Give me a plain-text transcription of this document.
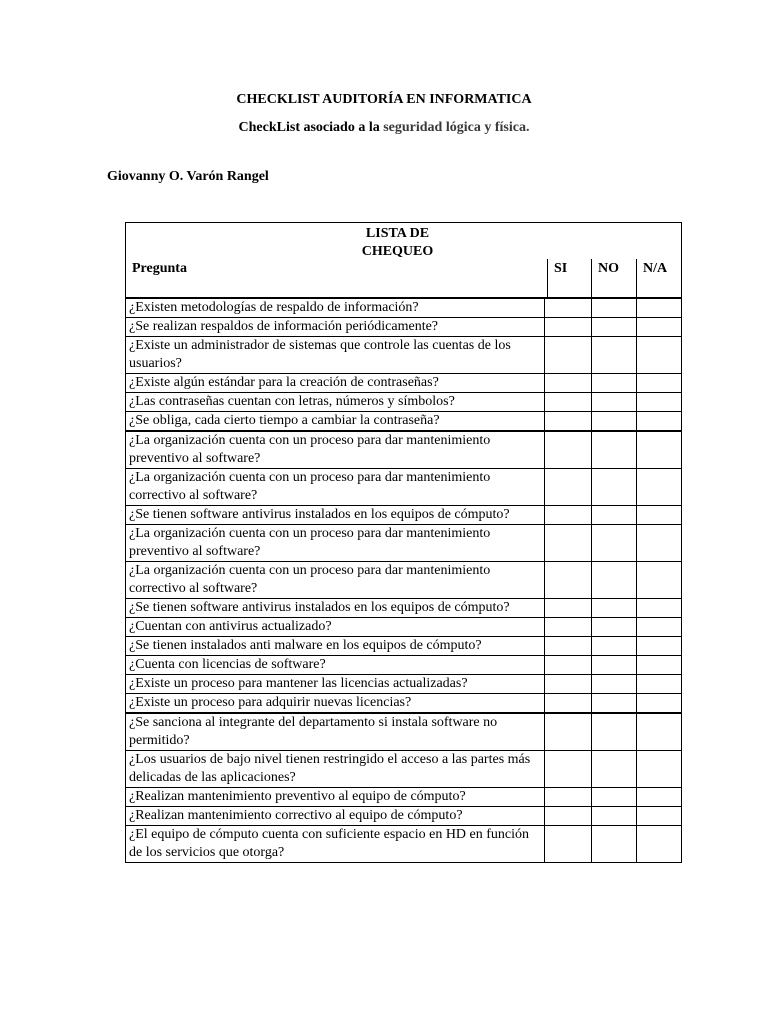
CHECKLIST AUDITORÍA EN INFORMATICA

CheckList asociado a la seguridad lógica y física.

Giovanny O. Varón Rangel

LISTA DE
CHEQUEO
Pregunta	SI	NO	N/A
¿Existen metodologías de respaldo de información?
¿Se realizan respaldos de información periódicamente?
¿Existe un administrador de sistemas que controle las cuentas de los usuarios?
¿Existe algún estándar para la creación de contraseñas?
¿Las contraseñas cuentan con letras, números y símbolos?
¿Se obliga, cada cierto tiempo a cambiar la contraseña?
¿La organización cuenta con un proceso para dar mantenimiento preventivo al software?
¿La organización cuenta con un proceso para dar mantenimiento correctivo al software?
¿Se tienen software antivirus instalados en los equipos de cómputo?
¿La organización cuenta con un proceso para dar mantenimiento preventivo al software?
¿La organización cuenta con un proceso para dar mantenimiento correctivo al software?
¿Se tienen software antivirus instalados en los equipos de cómputo?
¿Cuentan con antivirus actualizado?
¿Se tienen instalados anti malware en los equipos de cómputo?
¿Cuenta con licencias de software?
¿Existe un proceso para mantener las licencias actualizadas?
¿Existe un proceso para adquirir nuevas licencias?
¿Se sanciona al integrante del departamento si instala software no permitido?
¿Los usuarios de bajo nivel tienen restringido el acceso a las partes más delicadas de las aplicaciones?
¿Realizan mantenimiento preventivo al equipo de cómputo?
¿Realizan mantenimiento correctivo al equipo de cómputo?
¿El equipo de cómputo cuenta con suficiente espacio en HD en función de los servicios que otorga?
